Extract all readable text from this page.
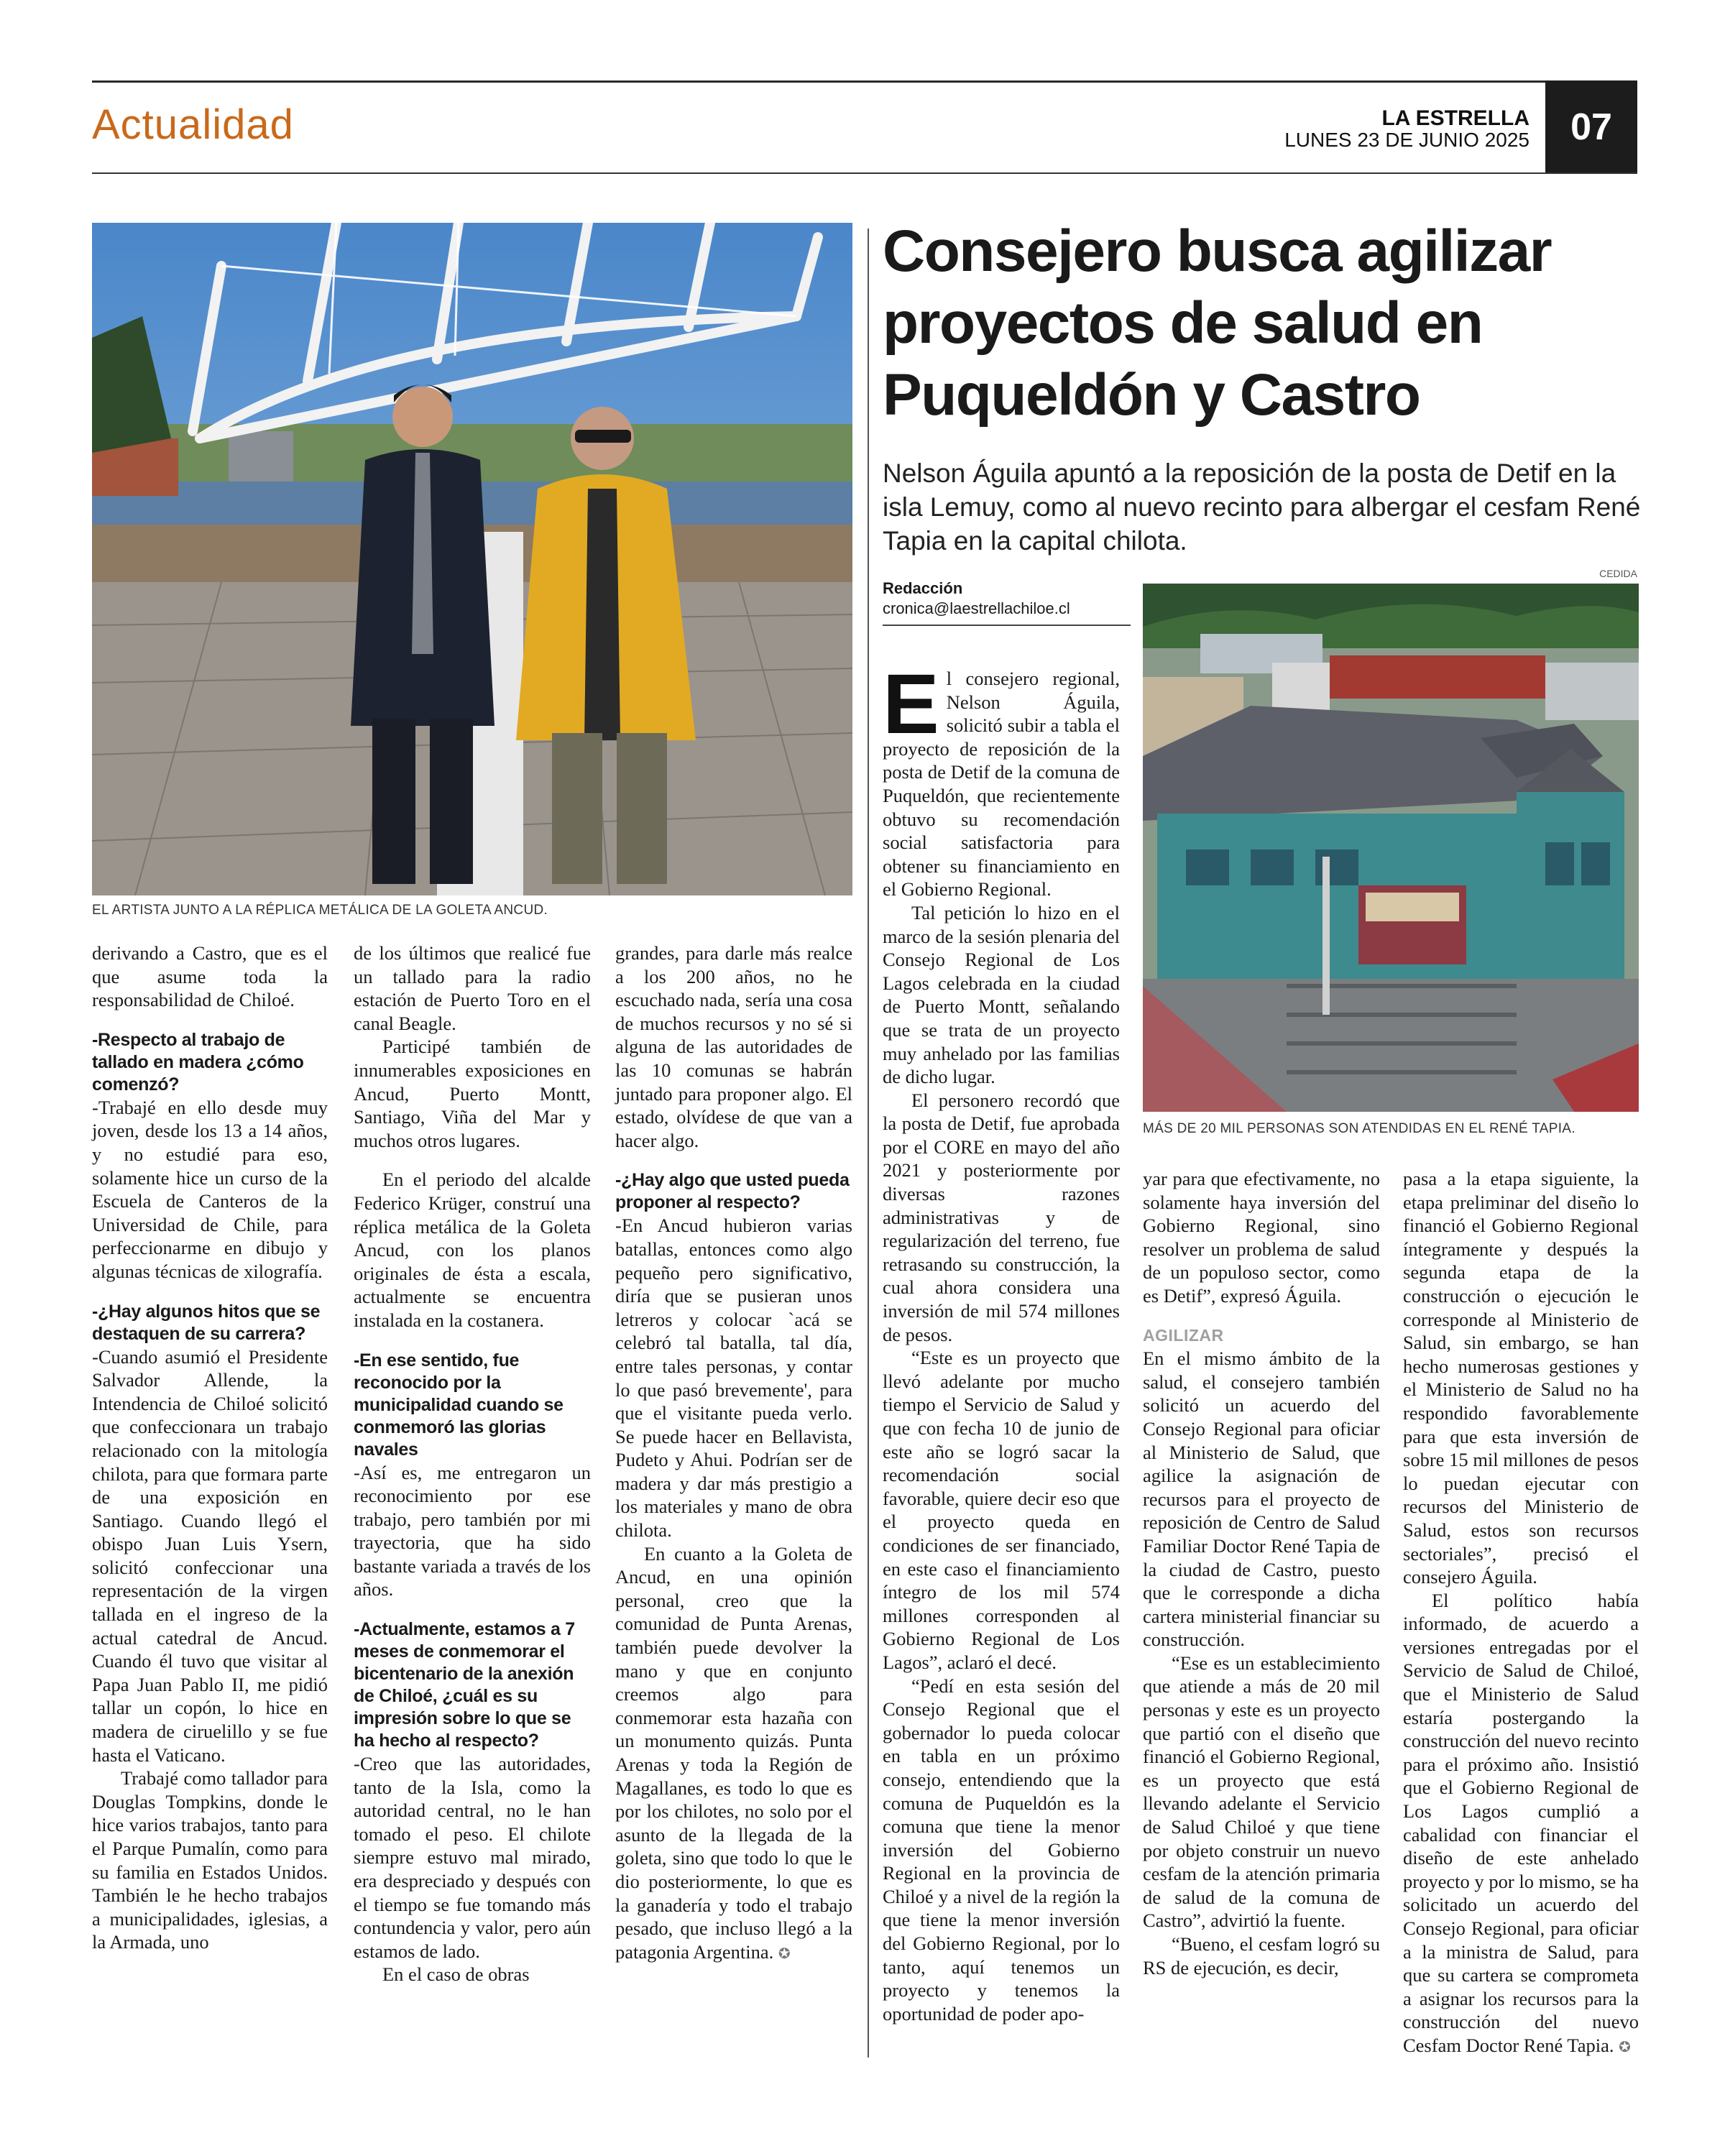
Actualidad	LA ESTRELLA
LUNES 23 DE JUNIO 2025	07
EL ARTISTA JUNTO A LA RÉPLICA METÁLICA DE LA GOLETA ANCUD.

derivando a Castro, que es el que asume toda la responsabilidad de Chiloé.

-Respecto al trabajo de tallado en madera ¿cómo comenzó?

-Trabajé en ello desde muy joven, desde los 13 a 14 años, y no estudié para eso, solamente hice un curso de la Escuela de Canteros de la Universidad de Chile, para perfeccionarme en dibujo y algunas técnicas de xilografía.

-¿Hay algunos hitos que se destaquen de su carrera?

-Cuando asumió el Presidente Salvador Allende, la Intendencia de Chiloé solicitó que confeccionara un trabajo relacionado con la mitología chilota, para que formara parte de una exposición en Santiago. Cuando llegó el obispo Juan Luis Ysern, solicitó confeccionar una representación de la virgen tallada en el ingreso de la actual catedral de Ancud. Cuando él tuvo que visitar al Papa Juan Pablo II, me pidió tallar un copón, lo hice en madera de ciruelillo y se fue hasta el Vaticano.

Trabajé como tallador para Douglas Tompkins, donde le hice varios trabajos, tanto para el Parque Pumalín, como para su familia en Estados Unidos. También le he hecho trabajos a municipalidades, iglesias, a la Armada, uno

de los últimos que realicé fue un tallado para la radio estación de Puerto Toro en el canal Beagle.

Participé también de innumerables exposiciones en Ancud, Puerto Montt, Santiago, Viña del Mar y muchos otros lugares.

En el periodo del alcalde Federico Krüger, construí una réplica metálica de la Goleta Ancud, con los planos originales de ésta a escala, actualmente se encuentra instalada en la costanera.

-En ese sentido, fue reconocido por la municipalidad cuando se conmemoró las glorias navales

-Así es, me entregaron un reconocimiento por ese trabajo, pero también por mi trayectoria, que ha sido bastante variada a través de los años.

-Actualmente, estamos a 7 meses de conmemorar el bicentenario de la anexión de Chiloé, ¿cuál es su impresión sobre lo que se ha hecho al respecto?

-Creo que las autoridades, tanto de la Isla, como la autoridad central, no le han tomado el peso. El chilote siempre estuvo mal mirado, era despreciado y después con el tiempo se fue tomando más contundencia y valor, pero aún estamos de lado.

En el caso de obras

grandes, para darle más realce a los 200 años, no he escuchado nada, sería una cosa de muchos recursos y no sé si alguna de las autoridades de las 10 comunas se habrán juntado para proponer algo. El estado, olvídese de que van a hacer algo.

-¿Hay algo que usted pueda proponer al respecto?

-En Ancud hubieron varias batallas, entonces como algo pequeño pero significativo, diría que se pusieran unos letreros y colocar `acá se celebró tal batalla, tal día, entre tales personas, y contar lo que pasó brevemente', para que el visitante pueda verlo. Se puede hacer en Bellavista, Pudeto y Ahui. Podrían ser de madera y dar más prestigio a los materiales y mano de obra chilota.

En cuanto a la Goleta de Ancud, en una opinión personal, creo que la comunidad de Punta Arenas, también puede devolver la mano y que en conjunto creemos algo para conmemorar esta hazaña con un monumento quizás. Punta Arenas y toda la Región de Magallanes, es todo lo que es por los chilotes, no solo por el asunto de la llegada de la goleta, sino que todo lo que le dio posteriormente, lo que es la ganadería y todo el trabajo pesado, que incluso llegó a la patagonia Argentina. ✪

Consejero busca agilizar proyectos de salud en Puqueldón y Castro

Nelson Águila apuntó a la reposición de la posta de Detif en la isla Lemuy, como al nuevo recinto para albergar el cesfam René Tapia en la capital chilota.

Redacción
cronica@laestrellachiloe.cl
CEDIDA
MÁS DE 20 MIL PERSONAS SON ATENDIDAS EN EL RENÉ TAPIA.

El consejero regional, Nelson Águila, solicitó subir a tabla el proyecto de reposición de la posta de Detif de la comuna de Puqueldón, que recientemente obtuvo su recomendación social satisfactoria para obtener su financiamiento en el Gobierno Regional.

Tal petición lo hizo en el marco de la sesión plenaria del Consejo Regional de Los Lagos celebrada en la ciudad de Puerto Montt, señalando que se trata de un proyecto muy anhelado por las familias de dicho lugar.

El personero recordó que la posta de Detif, fue aprobada por el CORE en mayo del año 2021 y posteriormente por diversas razones administrativas y de regularización del terreno, fue retrasando su construcción, la cual ahora considera una inversión de mil 574 millones de pesos.

“Este es un proyecto que llevó adelante por mucho tiempo el Servicio de Salud y que con fecha 10 de junio de este año se logró sacar la recomendación social favorable, quiere decir eso que el proyecto queda en condiciones de ser financiado, en este caso el financiamiento íntegro de los mil 574 millones corresponden al Gobierno Regional de Los Lagos”, aclaró el decé.

“Pedí en esta sesión del Consejo Regional que el gobernador lo pueda colocar en tabla en un próximo consejo, entendiendo que la comuna de Puqueldón es la comuna que tiene la menor inversión del Gobierno Regional en la provincia de Chiloé y a nivel de la región la que tiene la menor inversión del Gobierno Regional, por lo tanto, aquí tenemos un proyecto y tenemos la oportunidad de poder apo-

yar para que efectivamente, no solamente haya inversión del Gobierno Regional, sino resolver un problema de salud de un populoso sector, como es Detif”, expresó Águila.

AGILIZAR

En el mismo ámbito de la salud, el consejero también solicitó un acuerdo del Consejo Regional para oficiar al Ministerio de Salud, que agilice la asignación de recursos para el proyecto de reposición de Centro de Salud Familiar Doctor René Tapia de la ciudad de Castro, puesto que le corresponde a dicha cartera ministerial financiar su construcción.

“Ese es un establecimiento que atiende a más de 20 mil personas y este es un proyecto que partió con el diseño que financió el Gobierno Regional, es un proyecto que está llevando adelante el Servicio de Salud Chiloé y que tiene por objeto construir un nuevo cesfam de la atención primaria de salud de la comuna de Castro”, advirtió la fuente.

“Bueno, el cesfam logró su RS de ejecución, es decir,

pasa a la etapa siguiente, la etapa preliminar del diseño lo financió el Gobierno Regional íntegramente y después la segunda etapa de la construcción o ejecución le corresponde al Ministerio de Salud, sin embargo, se han hecho numerosas gestiones y el Ministerio de Salud no ha respondido favorablemente para que esta inversión de sobre 15 mil millones de pesos lo puedan ejecutar con recursos del Ministerio de Salud, estos son recursos sectoriales”, precisó el consejero Águila.

El político había informado, de acuerdo a versiones entregadas por el Servicio de Salud de Chiloé, que el Ministerio de Salud estaría postergando la construcción del nuevo recinto para el próximo año. Insistió que el Gobierno Regional de Los Lagos cumplió a cabalidad con financiar el diseño de este anhelado proyecto y por lo mismo, se ha solicitado un acuerdo del Consejo Regional, para oficiar a la ministra de Salud, para que su cartera se comprometa a asignar los recursos para la construcción del nuevo Cesfam Doctor René Tapia. ✪
